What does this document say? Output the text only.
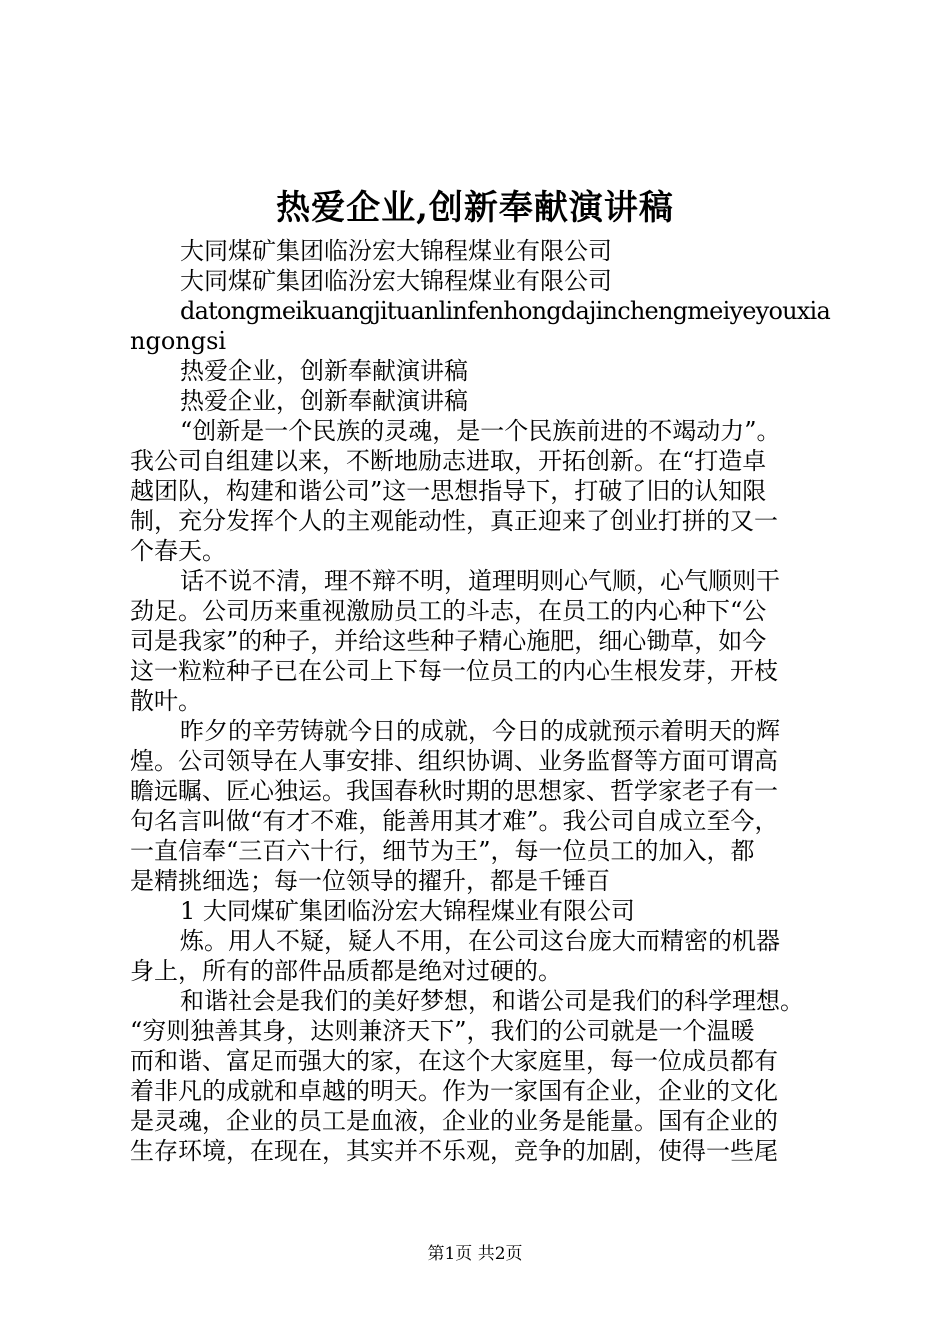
热爱企业,创新奉献演讲稿
大同煤矿集团临汾宏大锦程煤业有限公司
大同煤矿集团临汾宏大锦程煤业有限公司
datongmeikuangjituanlinfenhongdajinchengmeiyeyouxia
ngongsi
热爱企业，创新奉献演讲稿
热爱企业，创新奉献演讲稿
“创新是一个民族的灵魂，是一个民族前进的不竭动力”。
我公司自组建以来，不断地励志进取，开拓创新。在“打造卓
越团队，构建和谐公司”这一思想指导下，打破了旧的认知限
制，充分发挥个人的主观能动性，真正迎来了创业打拼的又一
个春天。
话不说不清，理不辩不明，道理明则心气顺，心气顺则干
劲足。公司历来重视激励员工的斗志，在员工的内心种下“公
司是我家”的种子，并给这些种子精心施肥，细心锄草，如今
这一粒粒种子已在公司上下每一位员工的内心生根发芽，开枝
散叶。
昨夕的辛劳铸就今日的成就，今日的成就预示着明天的辉
煌。公司领导在人事安排、组织协调、业务监督等方面可谓高
瞻远瞩、匠心独运。我国春秋时期的思想家、哲学家老子有一
句名言叫做“有才不难，能善用其才难”。我公司自成立至今，
一直信奉“三百六十行，细节为王”，每一位员工的加入，都
是精挑细选；每一位领导的擢升，都是千锤百
1 大同煤矿集团临汾宏大锦程煤业有限公司
炼。用人不疑，疑人不用，在公司这台庞大而精密的机器
身上，所有的部件品质都是绝对过硬的。
和谐社会是我们的美好梦想，和谐公司是我们的科学理想。
“穷则独善其身，达则兼济天下”，我们的公司就是一个温暖
而和谐、富足而强大的家，在这个大家庭里，每一位成员都有
着非凡的成就和卓越的明天。作为一家国有企业，企业的文化
是灵魂，企业的员工是血液，企业的业务是能量。国有企业的
生存环境，在现在，其实并不乐观，竞争的加剧，使得一些尾
第1页 共2页
